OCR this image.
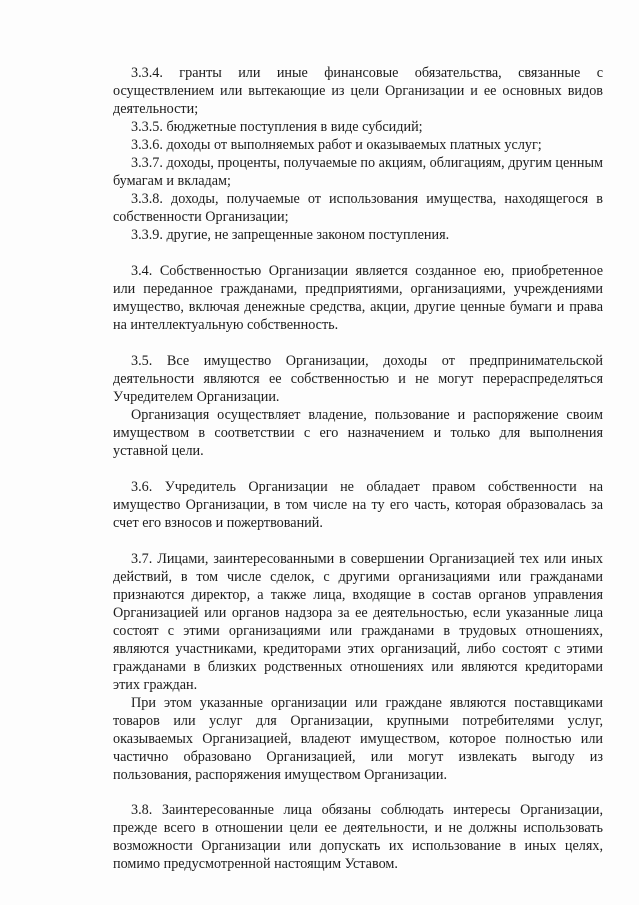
3.3.4. гранты или иные финансовые обязательства, связанные с осуществлением или вытекающие из цели Организации и ее основных видов деятельности;

3.3.5. бюджетные поступления в виде субсидий;

3.3.6. доходы от выполняемых работ и оказываемых платных услуг;

3.3.7. доходы, проценты, получаемые по акциям, облигациям, другим ценным бумагам и вкладам;

3.3.8. доходы, получаемые от использования имущества, находящегося в собственности Организации;

3.3.9. другие, не запрещенные законом поступления.

3.4. Собственностью Организации является созданное ею, приобретенное или переданное гражданами, предприятиями, организациями, учреждениями имущество, включая денежные средства, акции, другие ценные бумаги и права на интеллектуальную собственность.

3.5. Все имущество Организации, доходы от предпринимательской деятельности являются ее собственностью и не могут перераспределяться Учредителем Организации.

Организация осуществляет владение, пользование и распоряжение своим имуществом в соответствии с его назначением и только для выполнения уставной цели.

3.6. Учредитель Организации не обладает правом собственности на имущество Организации, в том числе на ту его часть, которая образовалась за счет его взносов и пожертвований.

3.7. Лицами, заинтересованными в совершении Организацией тех или иных действий, в том числе сделок, с другими организациями или гражданами признаются директор, а также лица, входящие в состав органов управления Организацией или органов надзора за ее деятельностью, если указанные лица состоят с этими организациями или гражданами в трудовых отношениях, являются участниками, кредиторами этих организаций, либо состоят с этими гражданами в близких родственных отношениях или являются кредиторами этих граждан.

При этом указанные организации или граждане являются поставщиками товаров или услуг для Организации, крупными потребителями услуг, оказываемых Организацией, владеют имуществом, которое полностью или частично образовано Организацией, или могут извлекать выгоду из пользования, распоряжения имуществом Организации.

3.8. Заинтересованные лица обязаны соблюдать интересы Организации, прежде всего в отношении цели ее деятельности, и не должны использовать возможности Организации или допускать их использование в иных целях, помимо предусмотренной настоящим Уставом.
